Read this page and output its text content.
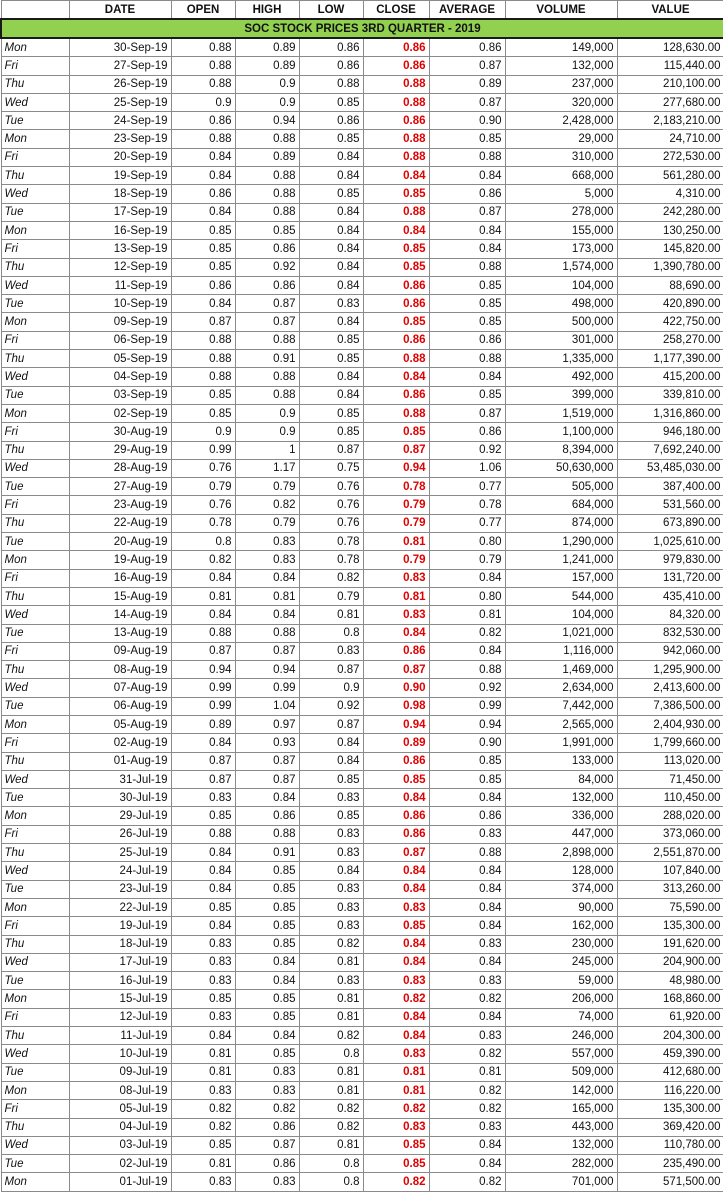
	DATE	OPEN	HIGH	LOW	CLOSE	AVERAGE	VOLUME	VALUE
SOC STOCK PRICES 3RD QUARTER - 2019								
Mon	30-Sep-19	0.88	0.89	0.86	0.86	0.86	149,000	128,630.00
Fri	27-Sep-19	0.88	0.89	0.86	0.86	0.87	132,000	115,440.00
Thu	26-Sep-19	0.88	0.9	0.88	0.88	0.89	237,000	210,100.00
Wed	25-Sep-19	0.9	0.9	0.85	0.88	0.87	320,000	277,680.00
Tue	24-Sep-19	0.86	0.94	0.86	0.86	0.90	2,428,000	2,183,210.00
Mon	23-Sep-19	0.88	0.88	0.85	0.88	0.85	29,000	24,710.00
Fri	20-Sep-19	0.84	0.89	0.84	0.88	0.88	310,000	272,530.00
Thu	19-Sep-19	0.84	0.88	0.84	0.84	0.84	668,000	561,280.00
Wed	18-Sep-19	0.86	0.88	0.85	0.85	0.86	5,000	4,310.00
Tue	17-Sep-19	0.84	0.88	0.84	0.88	0.87	278,000	242,280.00
Mon	16-Sep-19	0.85	0.85	0.84	0.84	0.84	155,000	130,250.00
Fri	13-Sep-19	0.85	0.86	0.84	0.85	0.84	173,000	145,820.00
Thu	12-Sep-19	0.85	0.92	0.84	0.85	0.88	1,574,000	1,390,780.00
Wed	11-Sep-19	0.86	0.86	0.84	0.86	0.85	104,000	88,690.00
Tue	10-Sep-19	0.84	0.87	0.83	0.86	0.85	498,000	420,890.00
Mon	09-Sep-19	0.87	0.87	0.84	0.85	0.85	500,000	422,750.00
Fri	06-Sep-19	0.88	0.88	0.85	0.86	0.86	301,000	258,270.00
Thu	05-Sep-19	0.88	0.91	0.85	0.88	0.88	1,335,000	1,177,390.00
Wed	04-Sep-19	0.88	0.88	0.84	0.84	0.84	492,000	415,200.00
Tue	03-Sep-19	0.85	0.88	0.84	0.86	0.85	399,000	339,810.00
Mon	02-Sep-19	0.85	0.9	0.85	0.88	0.87	1,519,000	1,316,860.00
Fri	30-Aug-19	0.9	0.9	0.85	0.85	0.86	1,100,000	946,180.00
Thu	29-Aug-19	0.99	1	0.87	0.87	0.92	8,394,000	7,692,240.00
Wed	28-Aug-19	0.76	1.17	0.75	0.94	1.06	50,630,000	53,485,030.00
Tue	27-Aug-19	0.79	0.79	0.76	0.78	0.77	505,000	387,400.00
Fri	23-Aug-19	0.76	0.82	0.76	0.79	0.78	684,000	531,560.00
Thu	22-Aug-19	0.78	0.79	0.76	0.79	0.77	874,000	673,890.00
Tue	20-Aug-19	0.8	0.83	0.78	0.81	0.80	1,290,000	1,025,610.00
Mon	19-Aug-19	0.82	0.83	0.78	0.79	0.79	1,241,000	979,830.00
Fri	16-Aug-19	0.84	0.84	0.82	0.83	0.84	157,000	131,720.00
Thu	15-Aug-19	0.81	0.81	0.79	0.81	0.80	544,000	435,410.00
Wed	14-Aug-19	0.84	0.84	0.81	0.83	0.81	104,000	84,320.00
Tue	13-Aug-19	0.88	0.88	0.8	0.84	0.82	1,021,000	832,530.00
Fri	09-Aug-19	0.87	0.87	0.83	0.86	0.84	1,116,000	942,060.00
Thu	08-Aug-19	0.94	0.94	0.87	0.87	0.88	1,469,000	1,295,900.00
Wed	07-Aug-19	0.99	0.99	0.9	0.90	0.92	2,634,000	2,413,600.00
Tue	06-Aug-19	0.99	1.04	0.92	0.98	0.99	7,442,000	7,386,500.00
Mon	05-Aug-19	0.89	0.97	0.87	0.94	0.94	2,565,000	2,404,930.00
Fri	02-Aug-19	0.84	0.93	0.84	0.89	0.90	1,991,000	1,799,660.00
Thu	01-Aug-19	0.87	0.87	0.84	0.86	0.85	133,000	113,020.00
Wed	31-Jul-19	0.87	0.87	0.85	0.85	0.85	84,000	71,450.00
Tue	30-Jul-19	0.83	0.84	0.83	0.84	0.84	132,000	110,450.00
Mon	29-Jul-19	0.85	0.86	0.85	0.86	0.86	336,000	288,020.00
Fri	26-Jul-19	0.88	0.88	0.83	0.86	0.83	447,000	373,060.00
Thu	25-Jul-19	0.84	0.91	0.83	0.87	0.88	2,898,000	2,551,870.00
Wed	24-Jul-19	0.84	0.85	0.84	0.84	0.84	128,000	107,840.00
Tue	23-Jul-19	0.84	0.85	0.83	0.84	0.84	374,000	313,260.00
Mon	22-Jul-19	0.85	0.85	0.83	0.83	0.84	90,000	75,590.00
Fri	19-Jul-19	0.84	0.85	0.83	0.85	0.84	162,000	135,300.00
Thu	18-Jul-19	0.83	0.85	0.82	0.84	0.83	230,000	191,620.00
Wed	17-Jul-19	0.83	0.84	0.81	0.84	0.84	245,000	204,900.00
Tue	16-Jul-19	0.83	0.84	0.83	0.83	0.83	59,000	48,980.00
Mon	15-Jul-19	0.85	0.85	0.81	0.82	0.82	206,000	168,860.00
Fri	12-Jul-19	0.83	0.85	0.81	0.84	0.84	74,000	61,920.00
Thu	11-Jul-19	0.84	0.84	0.82	0.84	0.83	246,000	204,300.00
Wed	10-Jul-19	0.81	0.85	0.8	0.83	0.82	557,000	459,390.00
Tue	09-Jul-19	0.81	0.83	0.81	0.81	0.81	509,000	412,680.00
Mon	08-Jul-19	0.83	0.83	0.81	0.81	0.82	142,000	116,220.00
Fri	05-Jul-19	0.82	0.82	0.82	0.82	0.82	165,000	135,300.00
Thu	04-Jul-19	0.82	0.86	0.82	0.83	0.83	443,000	369,420.00
Wed	03-Jul-19	0.85	0.87	0.81	0.85	0.84	132,000	110,780.00
Tue	02-Jul-19	0.81	0.86	0.8	0.85	0.84	282,000	235,490.00
Mon	01-Jul-19	0.83	0.83	0.8	0.82	0.82	701,000	571,500.00
